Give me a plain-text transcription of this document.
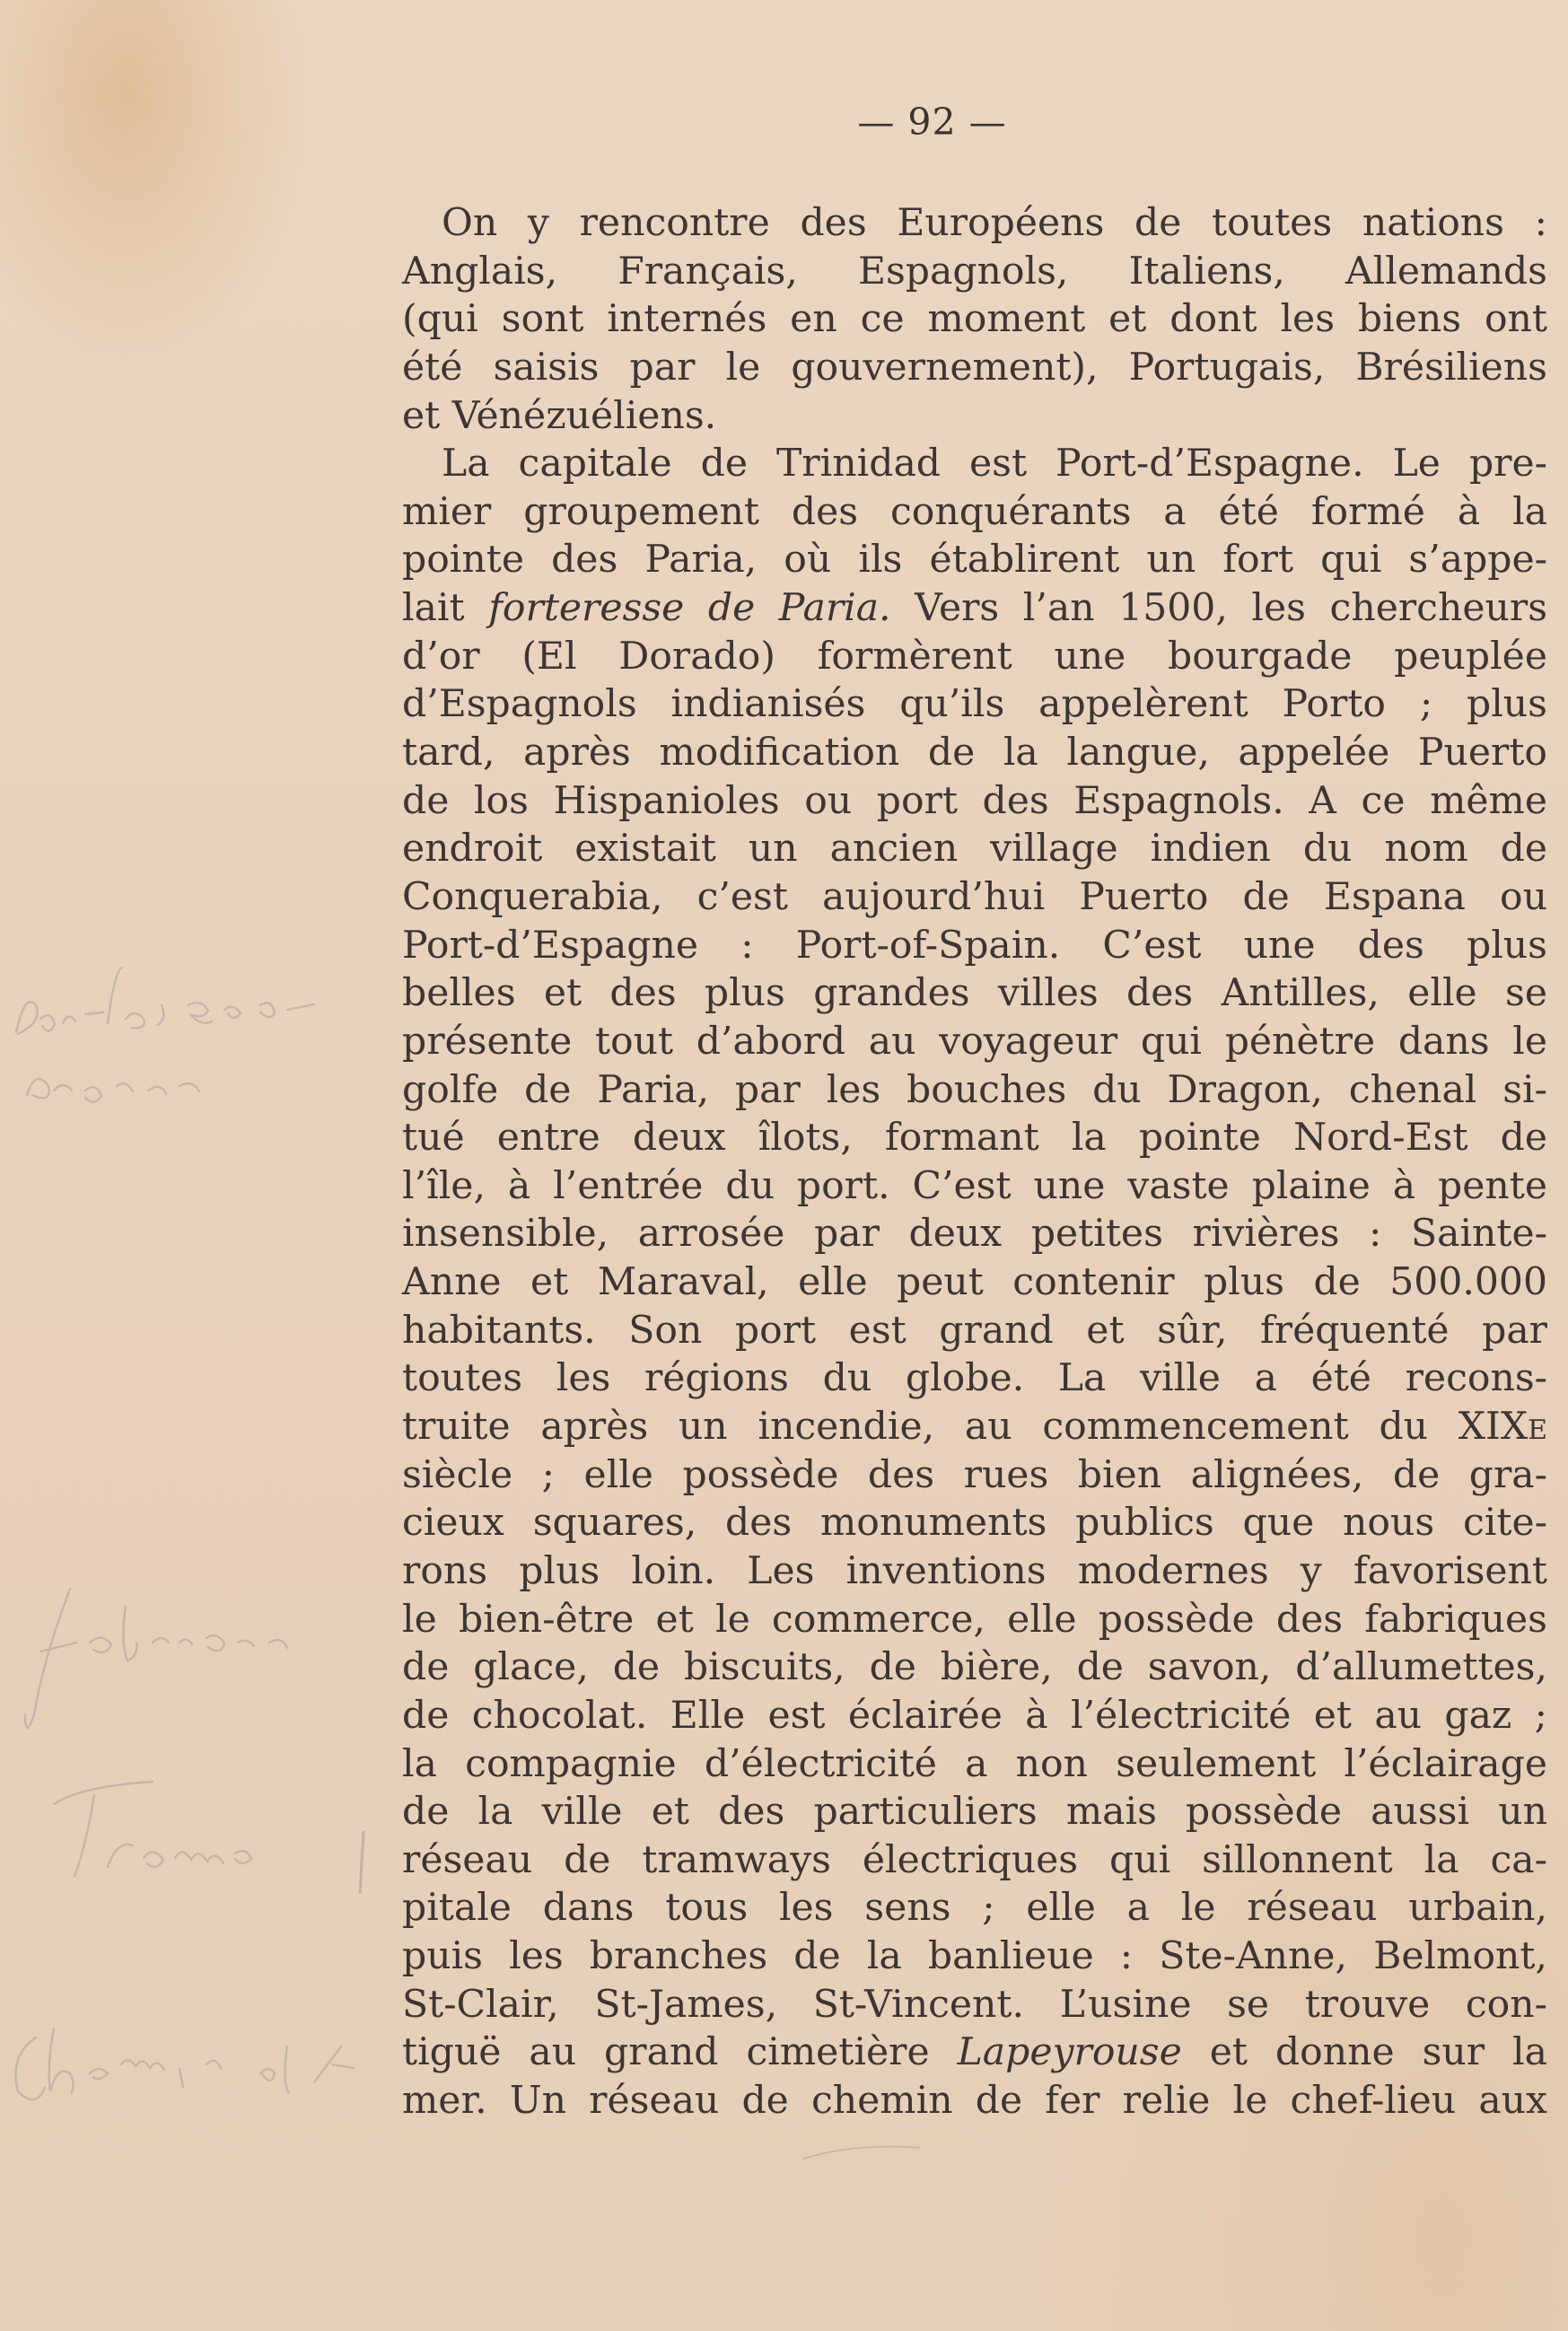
— 92 —
On y rencontre des Européens de toutes nations :
Anglais, Français, Espagnols, Italiens, Allemands
(qui sont internés en ce moment et dont les biens ont
été saisis par le gouvernement), Portugais, Brésiliens
et Vénézuéliens.
La capitale de Trinidad est Port-d’Espagne. Le pre-
mier groupement des conquérants a été formé à la
pointe des Paria, où ils établirent un fort qui s’appe-
lait forteresse de Paria. Vers l’an 1500, les chercheurs
d’or (El Dorado) formèrent une bourgade peuplée
d’Espagnols indianisés qu’ils appelèrent Porto ; plus
tard, après modification de la langue, appelée Puerto
de los Hispanioles ou port des Espagnols. A ce même
endroit existait un ancien village indien du nom de
Conquerabia, c’est aujourd’hui Puerto de Espana ou
Port-d’Espagne : Port-of-Spain. C’est une des plus
belles et des plus grandes villes des Antilles, elle se
présente tout d’abord au voyageur qui pénètre dans le
golfe de Paria, par les bouches du Dragon, chenal si-
tué entre deux îlots, formant la pointe Nord-Est de
l’île, à l’entrée du port. C’est une vaste plaine à pente
insensible, arrosée par deux petites rivières : Sainte-
Anne et Maraval, elle peut contenir plus de 500.000
habitants. Son port est grand et sûr, fréquenté par
toutes les régions du globe. La ville a été recons-
truite après un incendie, au commencement du XIXe
siècle ; elle possède des rues bien alignées, de gra-
cieux squares, des monuments publics que nous cite-
rons plus loin. Les inventions modernes y favorisent
le bien-être et le commerce, elle possède des fabriques
de glace, de biscuits, de bière, de savon, d’allumettes,
de chocolat. Elle est éclairée à l’électricité et au gaz ;
la compagnie d’électricité a non seulement l’éclairage
de la ville et des particuliers mais possède aussi un
réseau de tramways électriques qui sillonnent la ca-
pitale dans tous les sens ; elle a le réseau urbain,
puis les branches de la banlieue : Ste-Anne, Belmont,
St-Clair, St-James, St-Vincent. L’usine se trouve con-
tiguë au grand cimetière Lapeyrouse et donne sur la
mer. Un réseau de chemin de fer relie le chef-lieu aux
